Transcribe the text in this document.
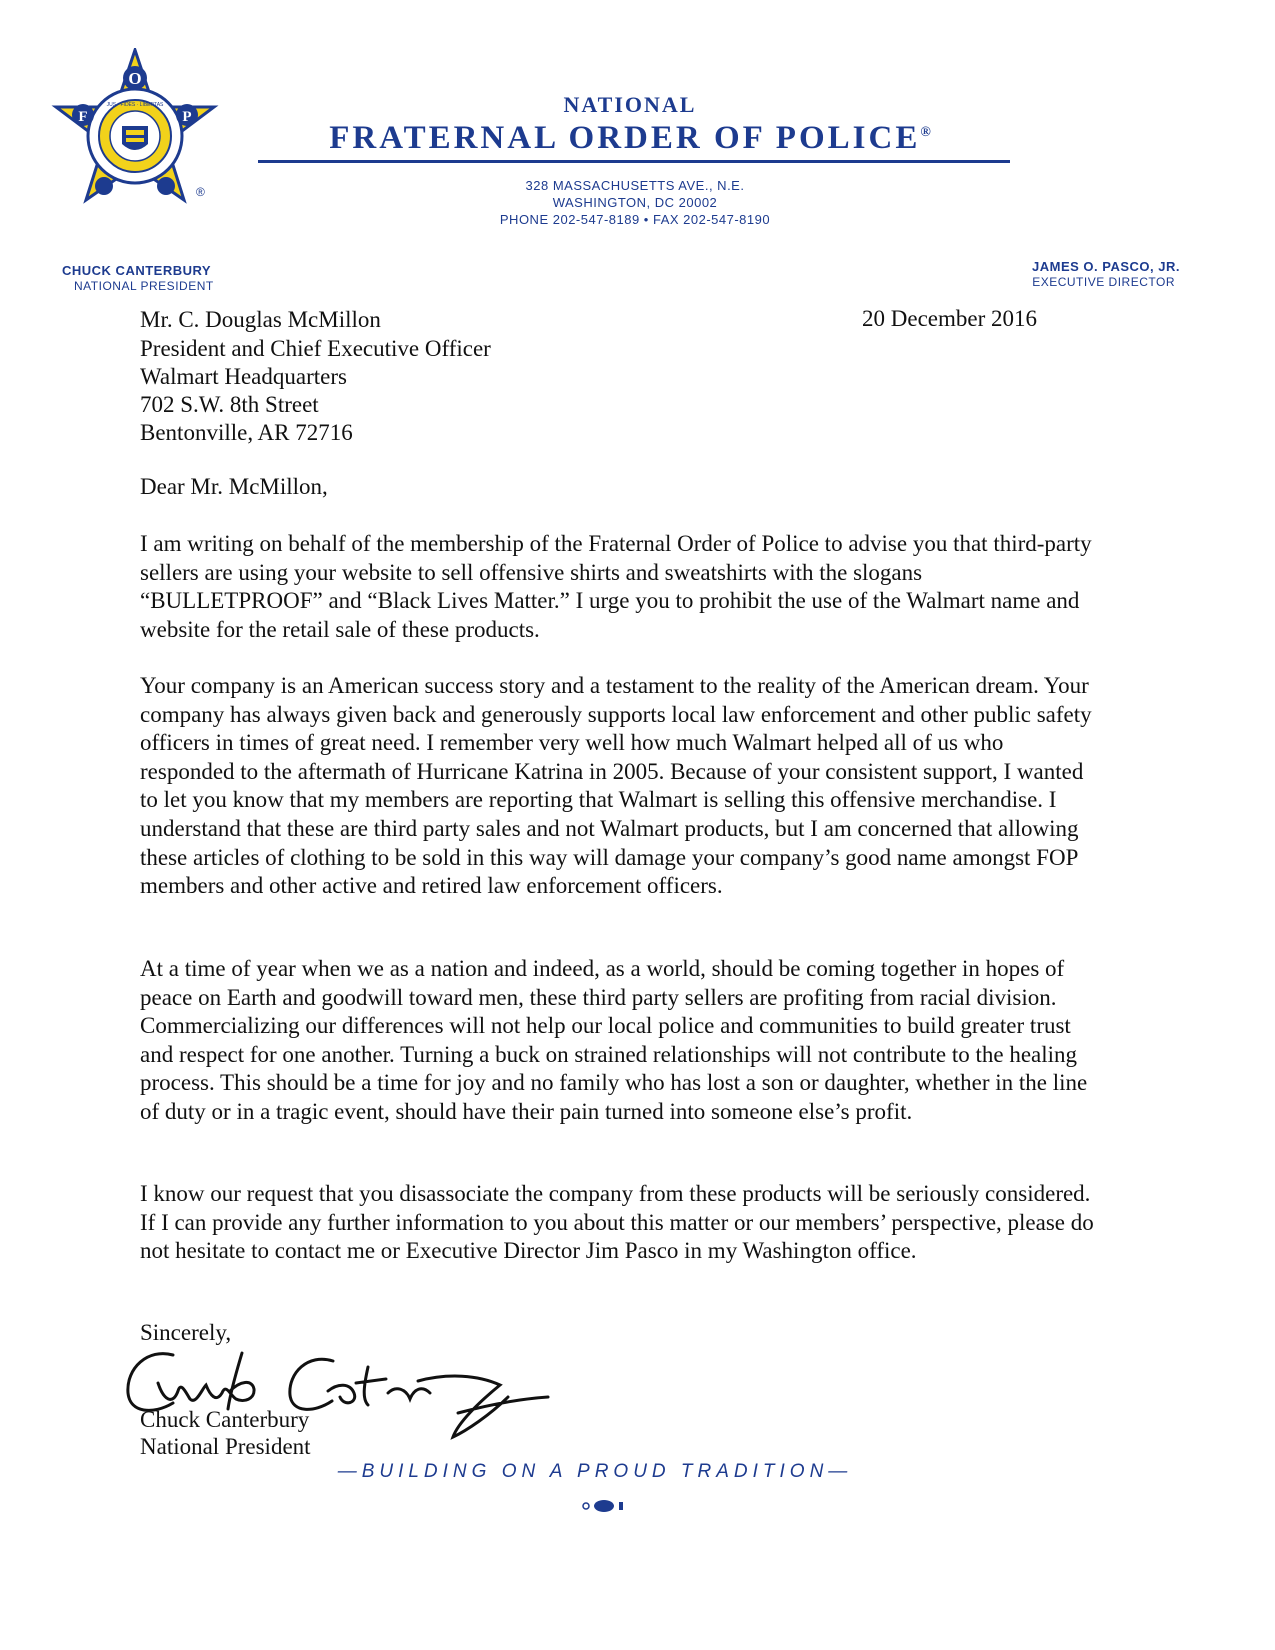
O
F	P
JUS · FIDES · LIBERTAS
®
NATIONAL
FRATERNAL ORDER OF POLICE®
328 MASSACHUSETTS AVE., N.E.
WASHINGTON, DC 20002
PHONE 202-547-8189 • FAX 202-547-8190
CHUCK CANTERBURY
NATIONAL PRESIDENT
JAMES O. PASCO, JR.
EXECUTIVE DIRECTOR
Mr. C. Douglas McMillon
President and Chief Executive Officer
Walmart Headquarters
702 S.W. 8th Street
Bentonville, AR 72716
20 December 2016
Dear Mr. McMillon,

I am writing on behalf of the membership of the Fraternal Order of Police to advise you that third-party sellers are using your website to sell offensive shirts and sweatshirts with the slogans “BULLETPROOF” and “Black Lives Matter.” I urge you to prohibit the use of the Walmart name and website for the retail sale of these products.

Your company is an American success story and a testament to the reality of the American dream. Your company has always given back and generously supports local law enforcement and other public safety officers in times of great need. I remember very well how much Walmart helped all of us who responded to the aftermath of Hurricane Katrina in 2005. Because of your consistent support, I wanted to let you know that my members are reporting that Walmart is selling this offensive merchandise. I understand that these are third party sales and not Walmart products, but I am concerned that allowing these articles of clothing to be sold in this way will damage your company’s good name amongst FOP members and other active and retired law enforcement officers.

At a time of year when we as a nation and indeed, as a world, should be coming together in hopes of peace on Earth and goodwill toward men, these third party sellers are profiting from racial division. Commercializing our differences will not help our local police and communities to build greater trust and respect for one another. Turning a buck on strained relationships will not contribute to the healing process. This should be a time for joy and no family who has lost a son or daughter, whether in the line of duty or in a tragic event, should have their pain turned into someone else’s profit.

I know our request that you disassociate the company from these products will be seriously considered. If I can provide any further information to you about this matter or our members’ perspective, please do not hesitate to contact me or Executive Director Jim Pasco in my Washington office.

Sincerely,
Chuck Canterbury
National President
—BUILDING ON A PROUD TRADITION—
